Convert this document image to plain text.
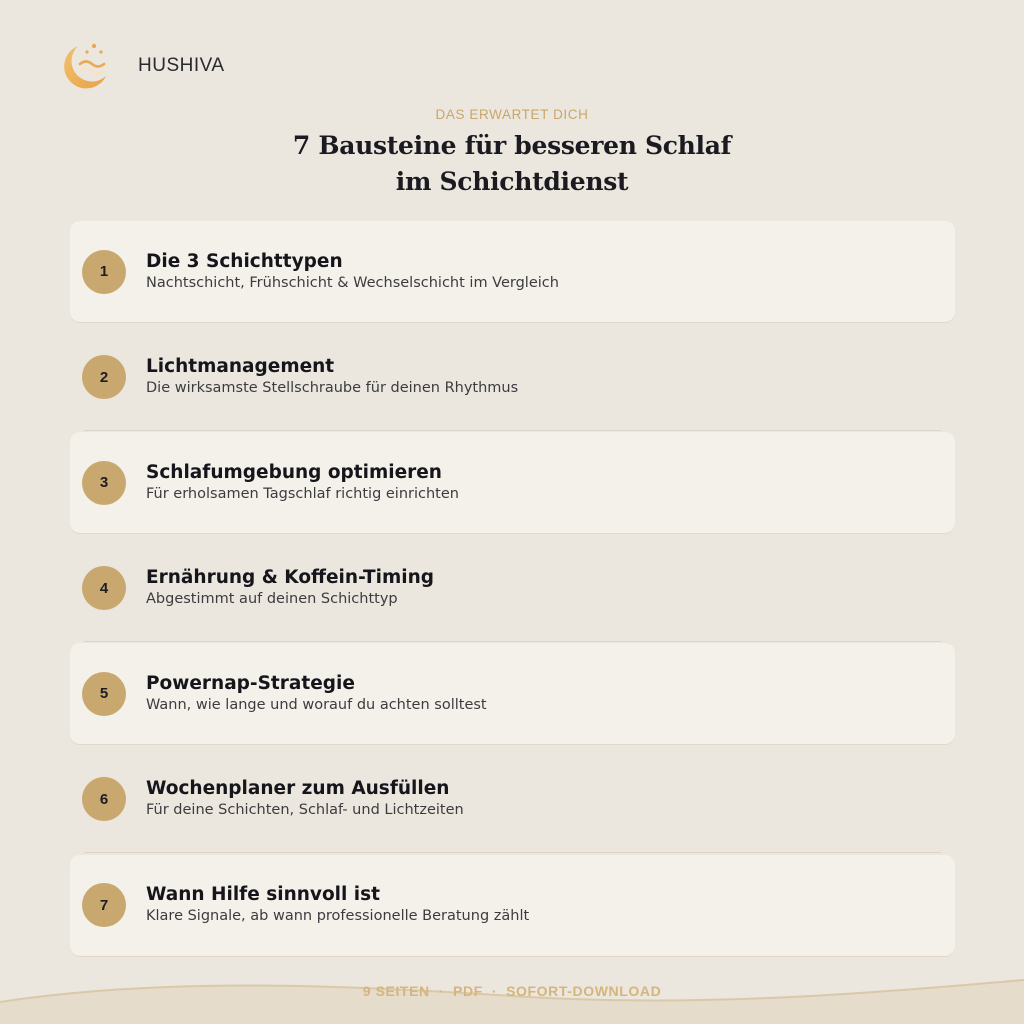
HUSHIVA
DAS ERWARTET DICH
7 Bausteine für besseren Schlaf
im Schichtdienst
1	Die 3 Schichttypen
Nachtschicht, Frühschicht & Wechselschicht im Vergleich
2	Lichtmanagement
Die wirksamste Stellschraube für deinen Rhythmus
3	Schlafumgebung optimieren
Für erholsamen Tagschlaf richtig einrichten
4	Ernährung & Koffein-Timing
Abgestimmt auf deinen Schichttyp
5	Powernap-Strategie
Wann, wie lange und worauf du achten solltest
6	Wochenplaner zum Ausfüllen
Für deine Schichten, Schlaf- und Lichtzeiten
7	Wann Hilfe sinnvoll ist
Klare Signale, ab wann professionelle Beratung zählt
9 SEITEN · PDF · SOFORT-DOWNLOAD
